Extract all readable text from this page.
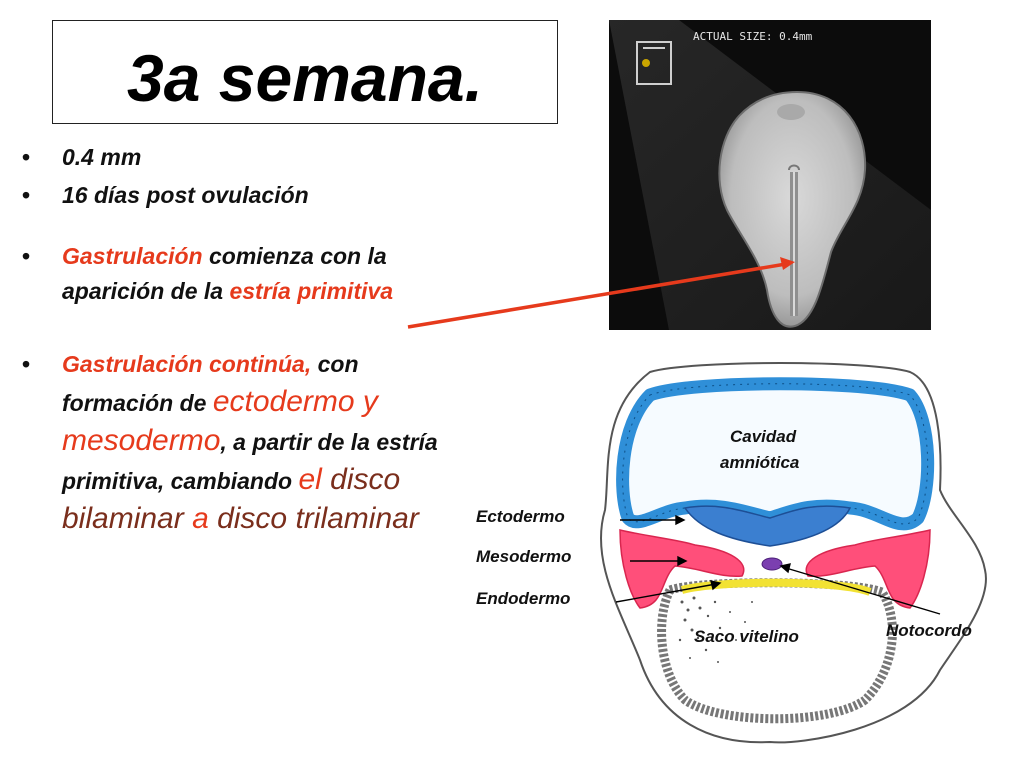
3a semana.
• 0.4 mm
• 16 días post ovulación
• Gastrulación comienza con la aparición de la estría primitiva
• Gastrulación continúa, con formación de ectodermo y mesodermo, a partir de la estría primitiva, cambiando el disco bilaminar a disco trilaminar
ACTUAL SIZE: 0.4mm
Cavidad
amniótica
Ectodermo
Mesodermo
Endodermo
Notocordo
Saco vitelino
